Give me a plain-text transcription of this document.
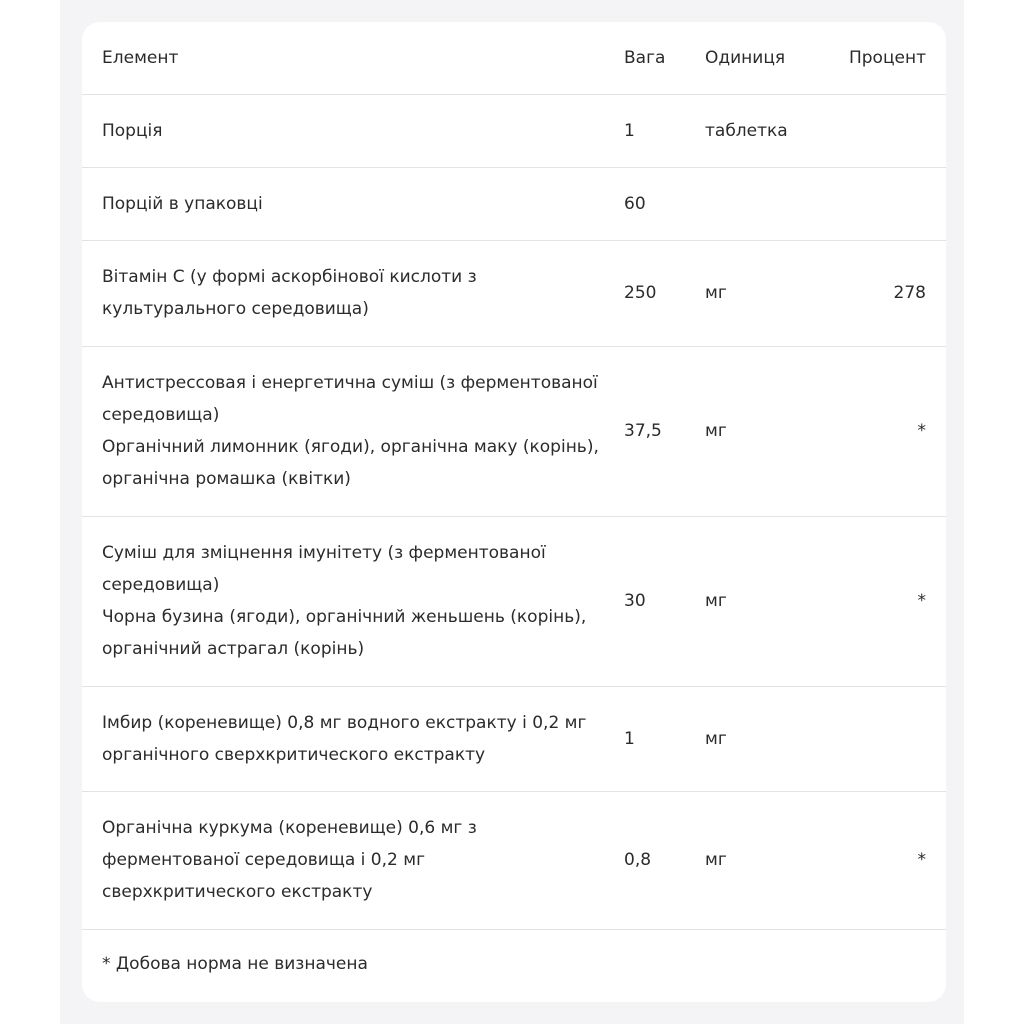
Елемент	Вага	Одиниця	Процент

Порція	1	таблетка	

Порцій в упаковці	60		

Вітамін С (у формі аскорбінової кислоти з
культурального середовища)	250	мг	278

Антистрессовая і енергетична суміш (з ферментованої
середовища)
Органічний лимонник (ягоди), органічна маку (корінь),
органічна ромашка (квітки)	37,5	мг	*

Суміш для зміцнення імунітету (з ферментованої
середовища)
Чорна бузина (ягоди), органічний женьшень (корінь),
органічний астрагал (корінь)	30	мг	*

Імбир (кореневище) 0,8 мг водного екстракту і 0,2 мг
органічного сверхкритического екстракту	1	мг	

Органічна куркума (кореневище) 0,6 мг з
ферментованої середовища і 0,2 мг
сверхкритического екстракту	0,8	мг	*
* Добова норма не визначена			
